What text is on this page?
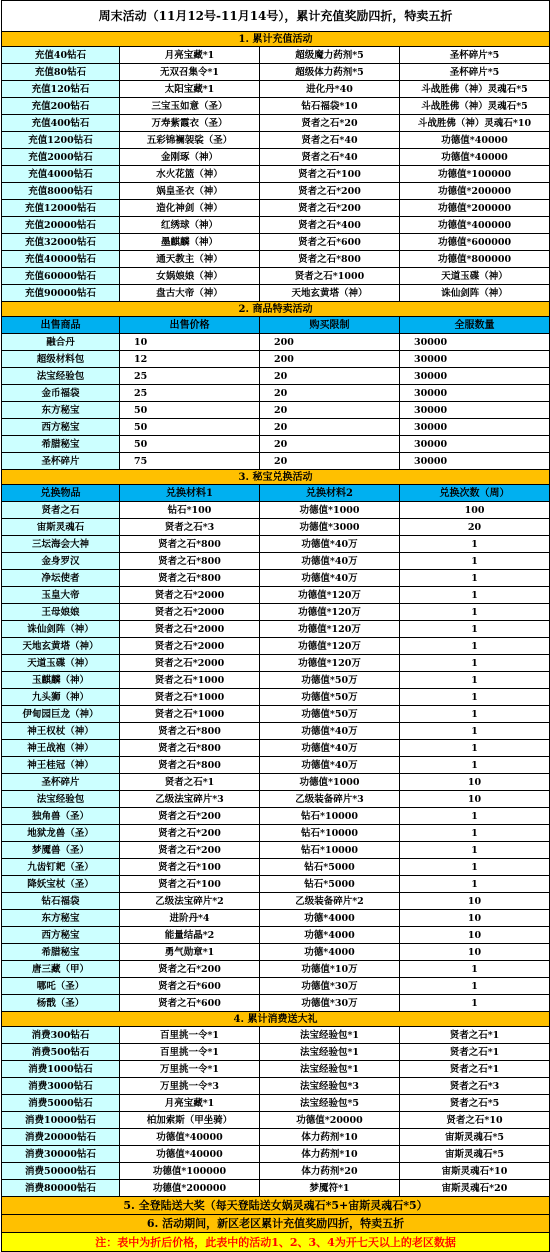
周末活动（11月12号-11月14号），累计充值奖励四折，特卖五折			
1. 累计充值活动			
充值40钻石	月亮宝藏*1	超级魔力药剂*5	圣杯碎片*5
充值80钻石	无双召集令*1	超级体力药剂*5	圣杯碎片*5
充值120钻石	太阳宝藏*1	进化丹*40	斗战胜佛（神）灵魂石*5
充值200钻石	三宝玉如意（圣）	钻石福袋*10	斗战胜佛（神）灵魂石*5
充值400钻石	万寿紫霞衣（圣）	贤者之石*20	斗战胜佛（神）灵魂石*10
充值1200钻石	五彩锦襕袈裟（圣）	贤者之石*40	功德值*40000
充值2000钻石	金刚琢（神）	贤者之石*40	功德值*40000
充值4000钻石	水火花篮（神）	贤者之石*100	功德值*100000
充值8000钻石	娲皇圣衣（神）	贤者之石*200	功德值*200000
充值12000钻石	造化神剑（神）	贤者之石*200	功德值*200000
充值20000钻石	红绣球（神）	贤者之石*400	功德值*400000
充值32000钻石	墨麒麟（神）	贤者之石*600	功德值*600000
充值40000钻石	通天教主（神）	贤者之石*800	功德值*800000
充值60000钻石	女娲娘娘（神）	贤者之石*1000	天道玉碟（神）
充值90000钻石	盘古大帝（神）	天地玄黄塔（神）	诛仙剑阵（神）
2. 商品特卖活动			
出售商品	出售价格	购买限制	全服数量
融合丹	10	200	30000
超级材料包	12	200	30000
法宝经验包	25	20	30000
金币福袋	25	20	30000
东方秘宝	50	20	30000
西方秘宝	50	20	30000
希腊秘宝	50	20	30000
圣杯碎片	75	20	30000
3. 秘宝兑换活动			
兑换物品	兑换材料1	兑换材料2	兑换次数（周）
贤者之石	钻石*100	功德值*1000	100
宙斯灵魂石	贤者之石*3	功德值*3000	20
三坛海会大神	贤者之石*800	功德值*40万	1
金身罗汉	贤者之石*800	功德值*40万	1
净坛使者	贤者之石*800	功德值*40万	1
玉皇大帝	贤者之石*2000	功德值*120万	1
王母娘娘	贤者之石*2000	功德值*120万	1
诛仙剑阵（神）	贤者之石*2000	功德值*120万	1
天地玄黄塔（神）	贤者之石*2000	功德值*120万	1
天道玉碟（神）	贤者之石*2000	功德值*120万	1
玉麒麟（神）	贤者之石*1000	功德值*50万	1
九头狮（神）	贤者之石*1000	功德值*50万	1
伊甸园巨龙（神）	贤者之石*1000	功德值*50万	1
神王权杖（神）	贤者之石*800	功德值*40万	1
神王战袍（神）	贤者之石*800	功德值*40万	1
神王桂冠（神）	贤者之石*800	功德值*40万	1
圣杯碎片	贤者之石*1	功德值*1000	10
法宝经验包	乙级法宝碎片*3	乙级装备碎片*3	10
独角兽（圣）	贤者之石*200	钻石*10000	1
地狱龙兽（圣）	贤者之石*200	钻石*10000	1
梦魇兽（圣）	贤者之石*200	钻石*10000	1
九齿钉耙（圣）	贤者之石*100	钻石*5000	1
降妖宝杖（圣）	贤者之石*100	钻石*5000	1
钻石福袋	乙级法宝碎片*2	乙级装备碎片*2	10
东方秘宝	进阶丹*4	功德*4000	10
西方秘宝	能量结晶*2	功德*4000	10
希腊秘宝	勇气勋章*1	功德*4000	10
唐三藏（甲）	贤者之石*200	功德值*10万	1
哪吒（圣）	贤者之石*600	功德值*30万	1
杨戬（圣）	贤者之石*600	功德值*30万	1
4. 累计消费送大礼			
消费300钻石	百里挑一令*1	法宝经验包*1	贤者之石*1
消费500钻石	百里挑一令*1	法宝经验包*1	贤者之石*1
消费1000钻石	万里挑一令*1	法宝经验包*1	贤者之石*1
消费3000钻石	万里挑一令*3	法宝经验包*3	贤者之石*3
消费5000钻石	月亮宝藏*1	法宝经验包*5	贤者之石*5
消费10000钻石	柏加索斯（甲坐骑）	功德值*20000	贤者之石*10
消费20000钻石	功德值*40000	体力药剂*10	宙斯灵魂石*5
消费30000钻石	功德值*40000	体力药剂*10	宙斯灵魂石*5
消费50000钻石	功德值*100000	体力药剂*20	宙斯灵魂石*10
消费80000钻石	功德值*200000	梦魇符*1	宙斯灵魂石*20
5. 全登陆送大奖（每天登陆送女娲灵魂石*5+宙斯灵魂石*5）			
6. 活动期间，新区老区累计充值奖励四折，特卖五折			
注：表中为折后价格，此表中的活动1、2、3、4为开七天以上的老区数据			
